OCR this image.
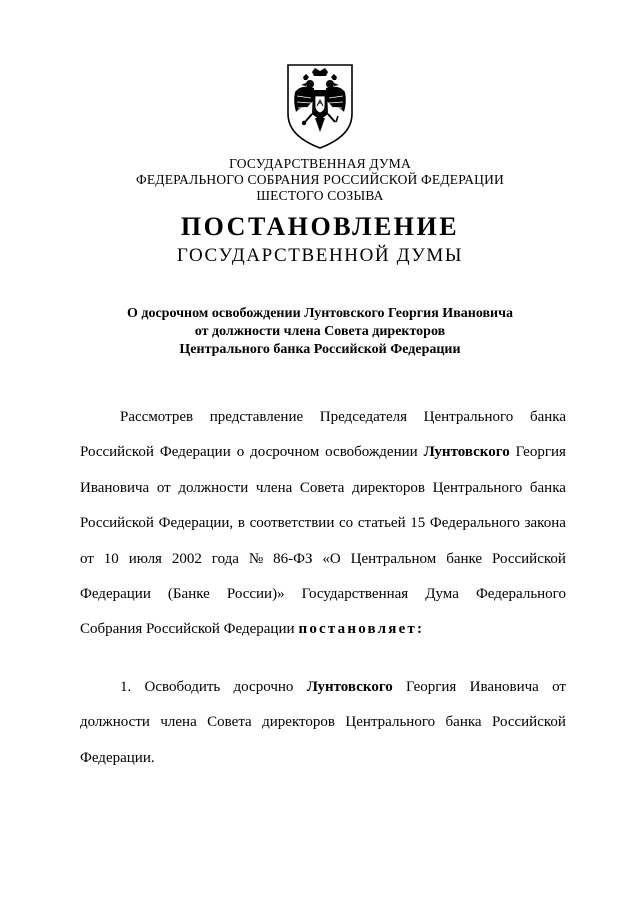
ГОСУДАРСТВЕННАЯ ДУМА
ФЕДЕРАЛЬНОГО СОБРАНИЯ РОССИЙСКОЙ ФЕДЕРАЦИИ
ШЕСТОГО СОЗЫВА
ПОСТАНОВЛЕНИЕ
ГОСУДАРСТВЕННОЙ ДУМЫ
О досрочном освобождении Лунтовского Георгия Ивановича
от должности члена Совета директоров
Центрального банка Российской Федерации
Рассмотрев представление Председателя Центрального банка
Российской Федерации о досрочном освобождении Лунтовского Георгия
Ивановича от должности члена Совета директоров Центрального банка
Российской Федерации, в соответствии со статьей 15 Федерального закона
от 10 июля 2002 года № 86-ФЗ «О Центральном банке Российской
Федерации (Банке России)» Государственная Дума Федерального
Собрания Российской Федерации постановляет:
1. Освободить досрочно Лунтовского Георгия Ивановича от
должности члена Совета директоров Центрального банка Российской
Федерации.
